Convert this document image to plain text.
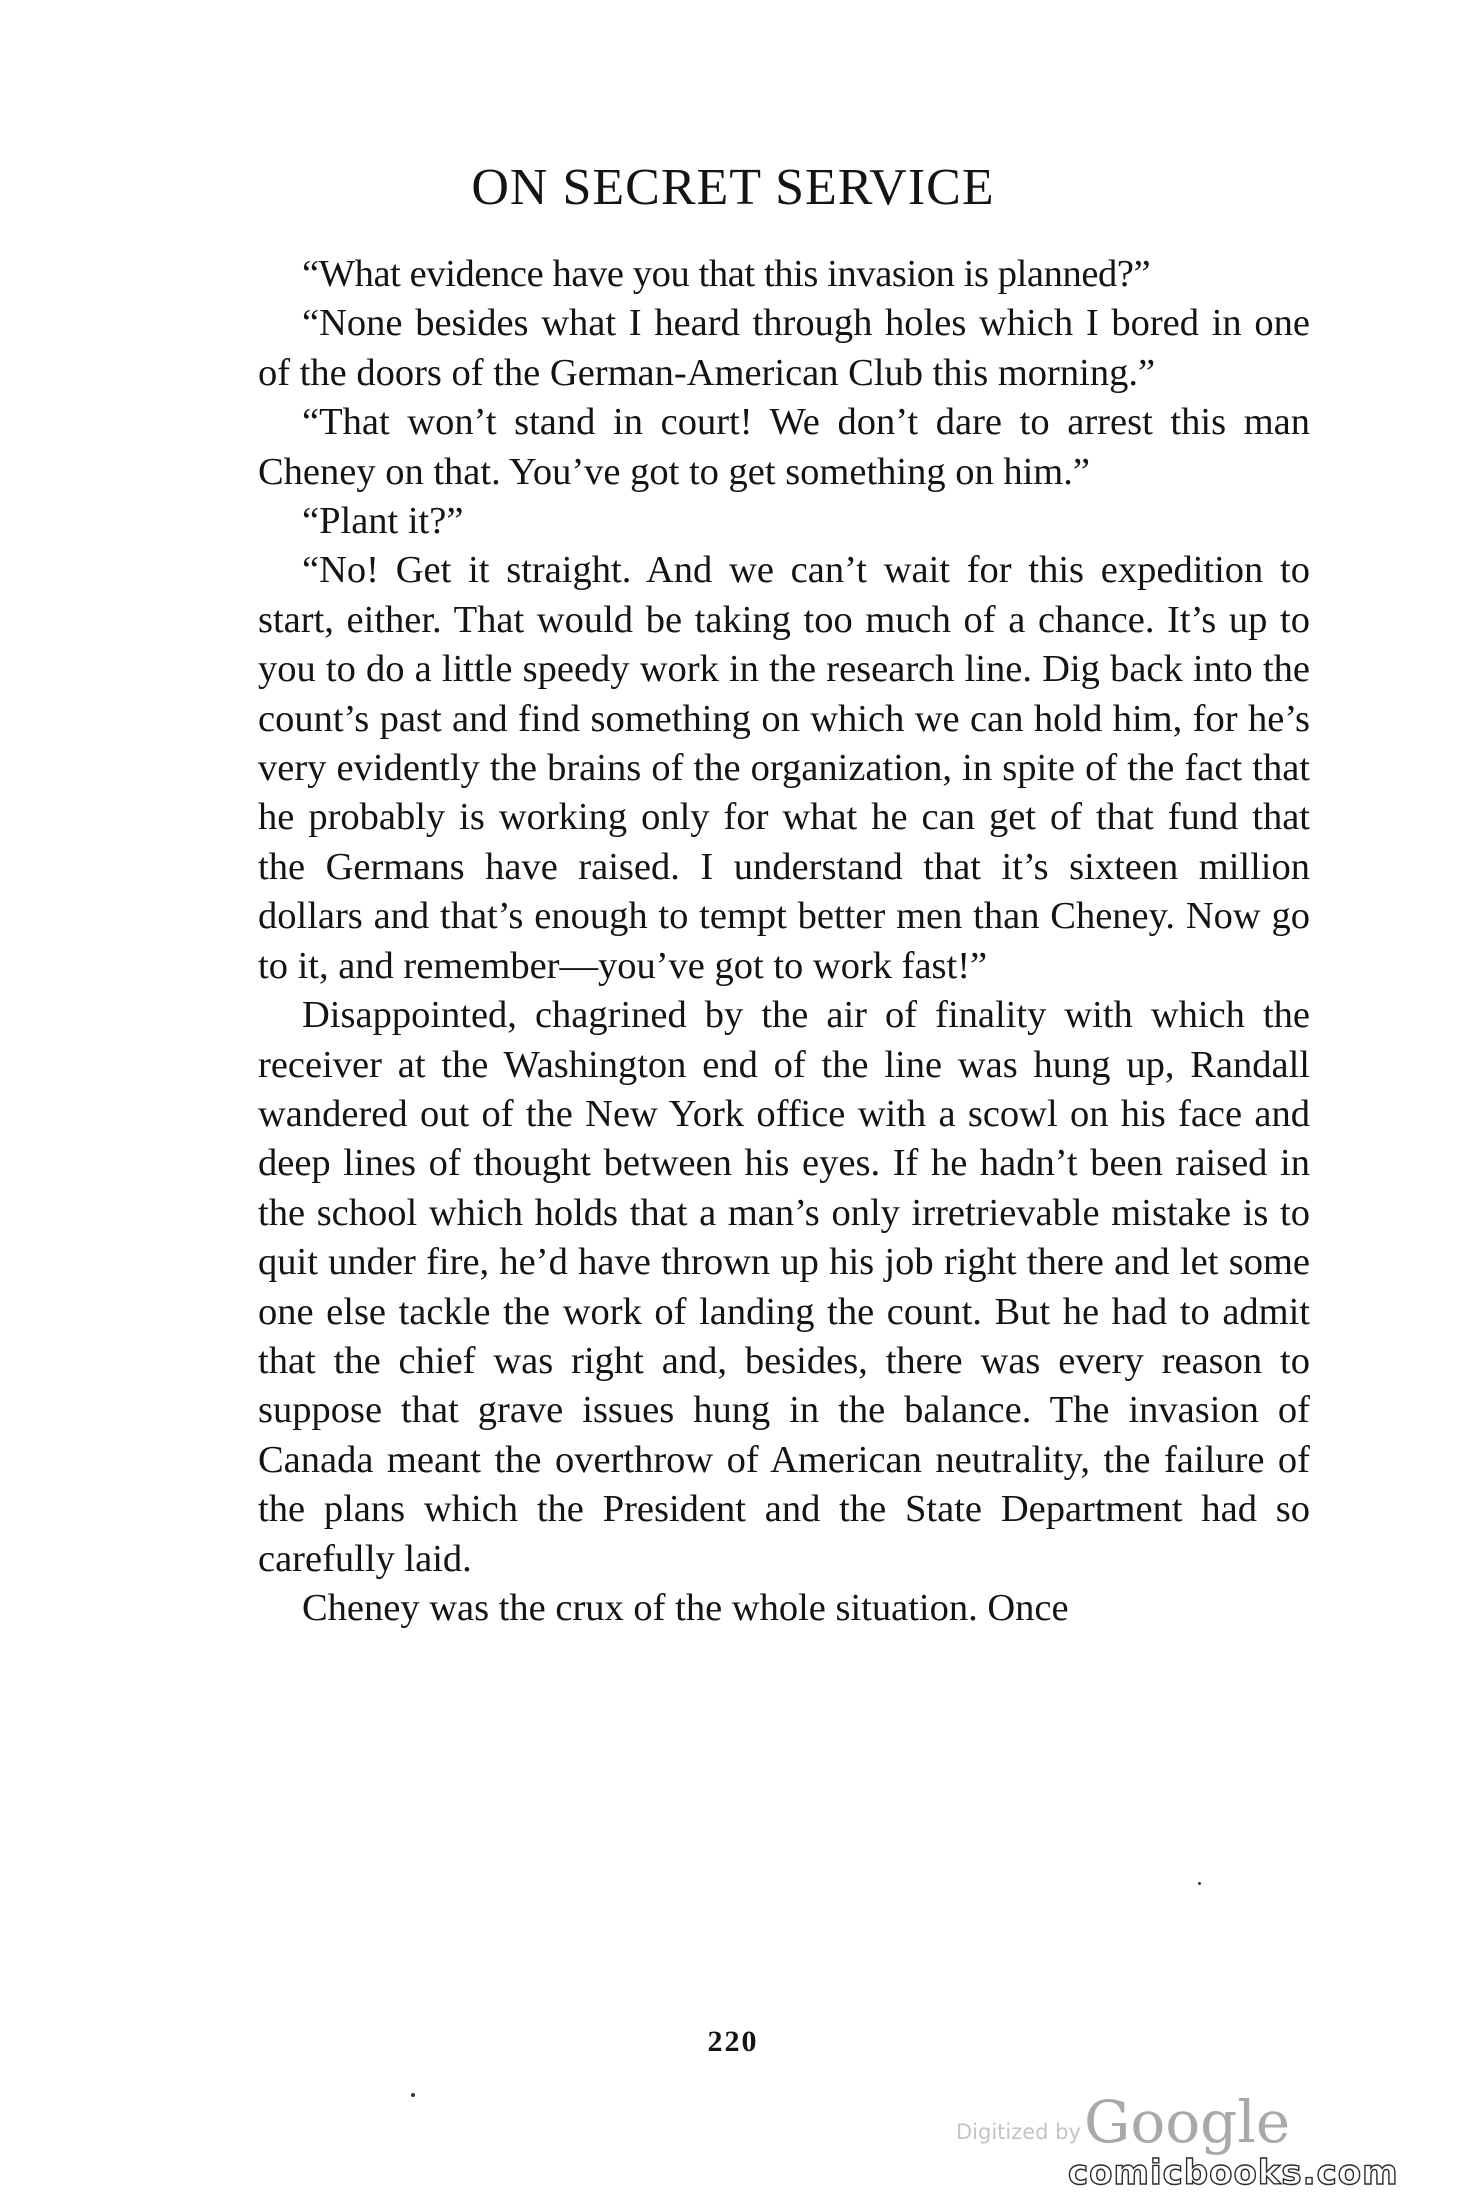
ON SECRET SERVICE

“What evidence have you that this invasion is planned?”

“None besides what I heard through holes which I bored in one of the doors of the German-American Club this morning.”

“That won’t stand in court! We don’t dare to arrest this man Cheney on that. You’ve got to get something on him.”

“Plant it?”

“No! Get it straight. And we can’t wait for this expedition to start, either. That would be taking too much of a chance. It’s up to you to do a little speedy work in the research line. Dig back into the count’s past and find something on which we can hold him, for he’s very evidently the brains of the organization, in spite of the fact that he probably is working only for what he can get of that fund that the Germans have raised. I understand that it’s sixteen million dollars and that’s enough to tempt better men than Cheney. Now go to it, and remember—you’ve got to work fast!”

Disappointed, chagrined by the air of finality with which the receiver at the Washington end of the line was hung up, Randall wandered out of the New York office with a scowl on his face and deep lines of thought between his eyes. If he hadn’t been raised in the school which holds that a man’s only irretrievable mistake is to quit under fire, he’d have thrown up his job right there and let some one else tackle the work of landing the count. But he had to admit that the chief was right and, besides, there was every reason to suppose that grave issues hung in the balance. The invasion of Canada meant the overthrow of American neutrality, the failure of the plans which the President and the State Department had so carefully laid.

Cheney was the crux of the whole situation. Once

220
Digitized by Google
comicbooks.com
